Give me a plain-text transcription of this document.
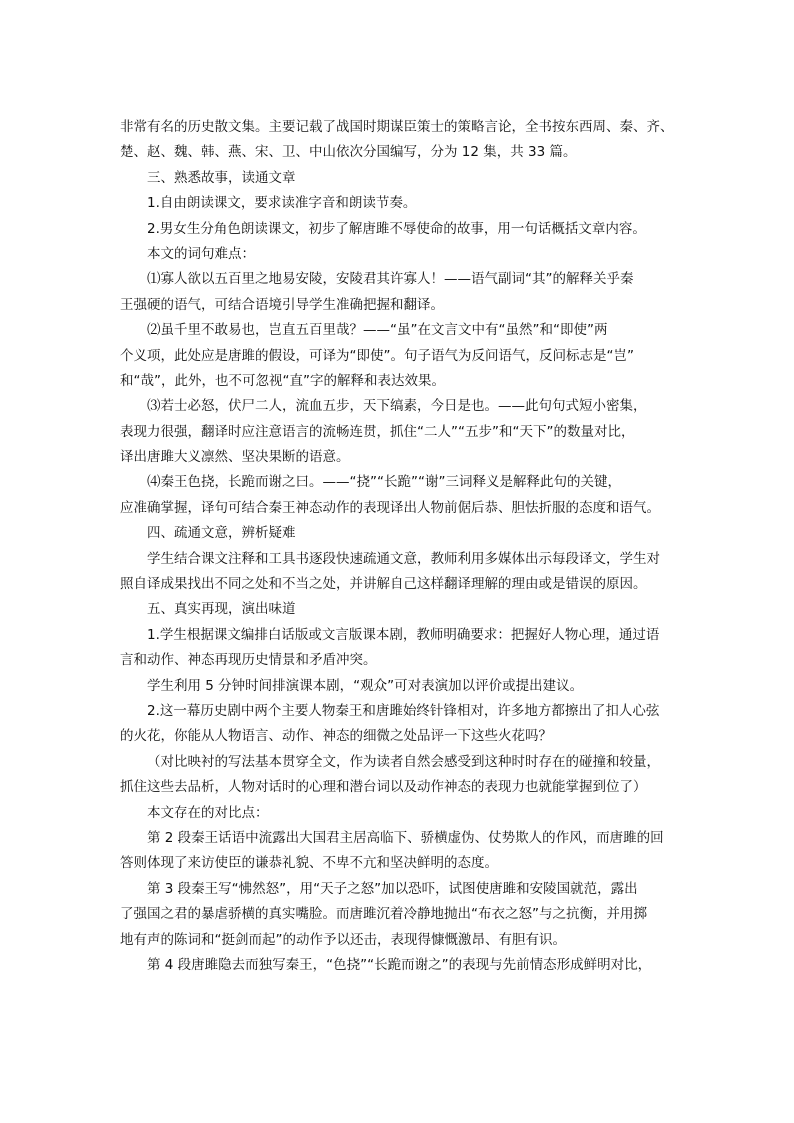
非常有名的历史散文集。主要记载了战国时期谋臣策士的策略言论，全书按东西周、秦、齐、
楚、赵、魏、韩、燕、宋、卫、中山依次分国编写，分为 12 集，共 33 篇。
三、熟悉故事，读通文章
1.自由朗读课文，要求读准字音和朗读节奏。
2.男女生分角色朗读课文，初步了解唐雎不辱使命的故事，用一句话概括文章内容。
本文的词句难点：
⑴寡人欲以五百里之地易安陵，安陵君其许寡人！——语气副词“其”的解释关乎秦
王强硬的语气，可结合语境引导学生准确把握和翻译。
⑵虽千里不敢易也，岂直五百里哉？——“虽”在文言文中有“虽然”和“即使”两
个义项，此处应是唐雎的假设，可译为“即使”。句子语气为反问语气，反问标志是“岂”
和“哉”，此外，也不可忽视“直”字的解释和表达效果。
⑶若士必怒，伏尸二人，流血五步，天下缟素，今日是也。——此句句式短小密集，
表现力很强，翻译时应注意语言的流畅连贯，抓住“二人”“五步”和“天下”的数量对比，
译出唐雎大义凛然、坚决果断的语意。
⑷秦王色挠，长跪而谢之曰。——“挠”“长跪”“谢”三词释义是解释此句的关键，
应准确掌握，译句可结合秦王神态动作的表现译出人物前倨后恭、胆怯折服的态度和语气。
四、疏通文意，辨析疑难
学生结合课文注释和工具书逐段快速疏通文意，教师利用多媒体出示每段译文，学生对
照自译成果找出不同之处和不当之处，并讲解自己这样翻译理解的理由或是错误的原因。
五、真实再现，演出味道
1.学生根据课文编排白话版或文言版课本剧，教师明确要求：把握好人物心理，通过语
言和动作、神态再现历史情景和矛盾冲突。
学生利用 5 分钟时间排演课本剧，“观众”可对表演加以评价或提出建议。
2.这一幕历史剧中两个主要人物秦王和唐雎始终针锋相对，许多地方都擦出了扣人心弦
的火花，你能从人物语言、动作、神态的细微之处品评一下这些火花吗？
（对比映衬的写法基本贯穿全文，作为读者自然会感受到这种时时存在的碰撞和较量，
抓住这些去品析，人物对话时的心理和潜台词以及动作神态的表现力也就能掌握到位了）
本文存在的对比点：
第 2 段秦王话语中流露出大国君主居高临下、骄横虚伪、仗势欺人的作风，而唐雎的回
答则体现了来访使臣的谦恭礼貌、不卑不亢和坚决鲜明的态度。
第 3 段秦王写“怫然怒”，用“天子之怒”加以恐吓，试图使唐雎和安陵国就范，露出
了强国之君的暴虐骄横的真实嘴脸。而唐雎沉着冷静地抛出“布衣之怒”与之抗衡，并用掷
地有声的陈词和“挺剑而起”的动作予以还击，表现得慷慨激昂、有胆有识。
第 4 段唐雎隐去而独写秦王，“色挠”“长跪而谢之”的表现与先前情态形成鲜明对比，
